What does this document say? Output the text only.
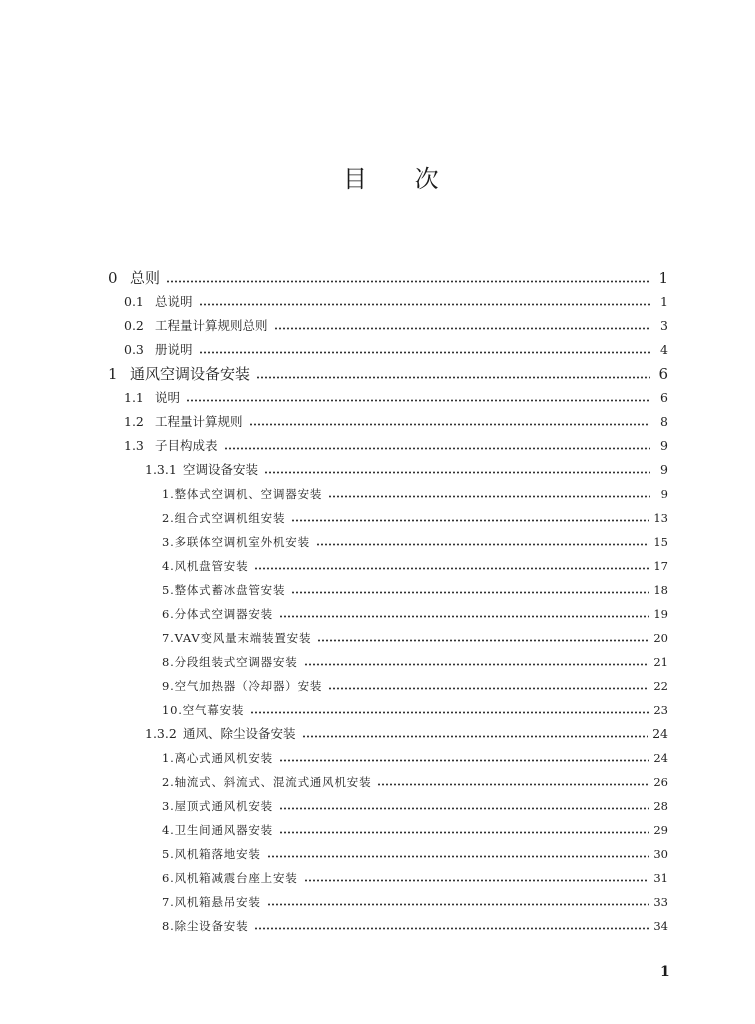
目 次
0 总则	1
0.1 总说明	1
0.2 工程量计算规则总则	3
0.3 册说明	4
1 通风空调设备安装	6
1.1 说明	6
1.2 工程量计算规则	8
1.3 子目构成表	9
1.3.1 空调设备安装	9
1. 整体式空调机、空调器安装	9
2. 组合式空调机组安装	13
3. 多联体空调机室外机安装	15
4. 风机盘管安装	17
5. 整体式蓄冰盘管安装	18
6. 分体式空调器安装	19
7. VAV变风量末端装置安装	20
8. 分段组装式空调器安装	21
9. 空气加热器（冷却器）安装	22
10. 空气幕安装	23
1.3.2 通风、除尘设备安装	24
1. 离心式通风机安装	24
2. 轴流式、斜流式、混流式通风机安装	26
3. 屋顶式通风机安装	28
4. 卫生间通风器安装	29
5. 风机箱落地安装	30
6. 风机箱减震台座上安装	31
7. 风机箱悬吊安装	33
8. 除尘设备安装	34
1
